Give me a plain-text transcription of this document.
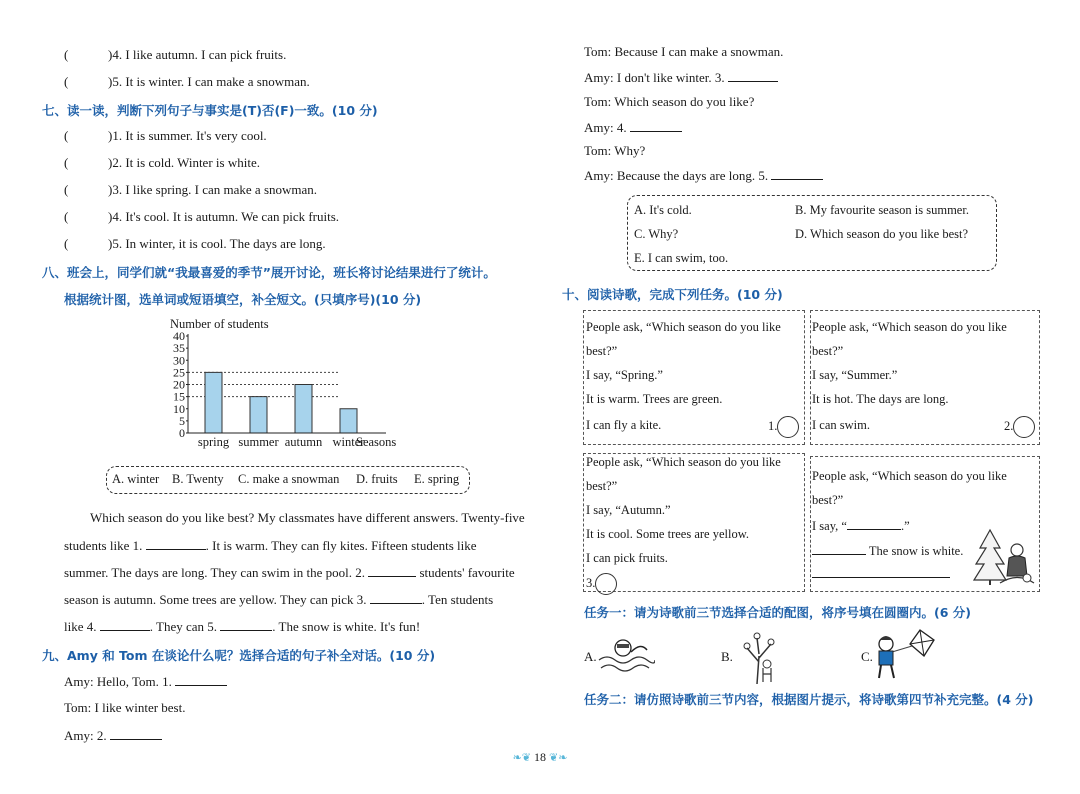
(	)4. I like autumn. I can pick fruits.
(	)5. It is winter. I can make a snowman.
七、读一读，判断下列句子与事实是(T)否(F)一致。(10 分)
(	)1. It is summer. It's very cool.
(	)2. It is cold. Winter is white.
(	)3. I like spring. I can make a snowman.
(	)4. It's cool. It is autumn. We can pick fruits.
(	)5. In winter, it is cool. The days are long.
八、班会上，同学们就“我最喜爱的季节”展开讨论，班长将讨论结果进行了统计。
根据统计图，选单词或短语填空，补全短文。(只填序号)(10 分)
Number of students
0
5
10
15
20
25
30
35
40
spring summer autumn winter
Seasons
A. winter B. Twenty C. make a snowman D. fruits E. spring
Which season do you like best? My classmates have different answers. Twenty-five
students like 1.	. It is warm. They can fly kites. Fifteen students like
summer. The days are long. They can swim in the pool. 2.	students' favourite
season is autumn. Some trees are yellow. They can pick 3.	. Ten students
like 4.	. They can 5.	. The snow is white. It's fun!
九、Amy 和 Tom 在谈论什么呢？选择合适的句子补全对话。(10 分)
Amy: Hello, Tom. 1.
Tom: I like winter best.
Amy: 2.
Tom: Because I can make a snowman.
Amy: I don't like winter. 3.
Tom: Which season do you like?
Amy: 4.
Tom: Why?
Amy: Because the days are long. 5.
A. It's cold.	B. My favourite season is summer.
C. Why?	D. Which season do you like best?
E. I can swim, too.
十、阅读诗歌，完成下列任务。(10 分)
People ask, “Which season do you like
best?”
I say, “Spring.”
It is warm. Trees are green.
I can fly a kite.	1.
People ask, “Which season do you like
best?”
I say, “Summer.”
It is hot. The days are long.
I can swim.	2.
People ask, “Which season do you like
best?”
I say, “Autumn.”
It is cool. Some trees are yellow.
I can pick fruits.
3.
People ask, “Which season do you like
best?”
I say, “	.”
The snow is white.
任务一：请为诗歌前三节选择合适的配图，将序号填在圆圈内。(6 分)
A.	B.	C.
任务二：请仿照诗歌前三节内容，根据图片提示，将诗歌第四节补充完整。(4 分)
❧❦ 18 ❦❧
